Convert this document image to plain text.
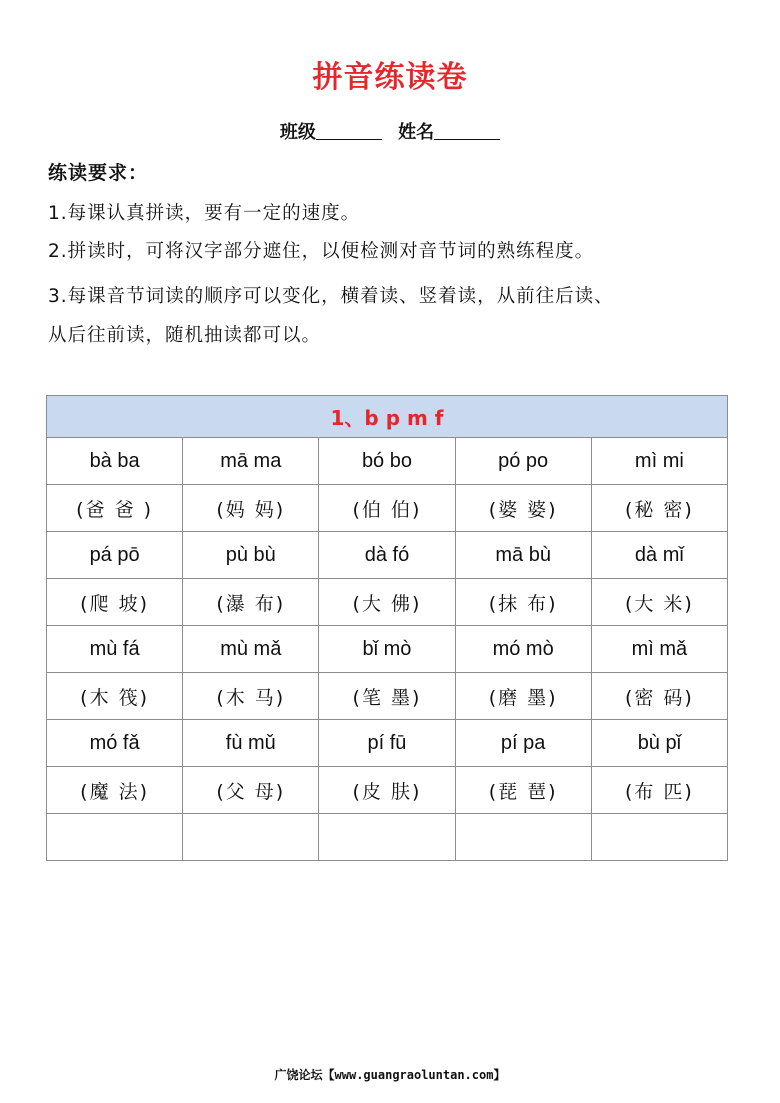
拼音练读卷
班级	姓名
练读要求：
1.每课认真拼读，要有一定的速度。
2.拼读时，可将汉字部分遮住，以便检测对音节词的熟练程度。
3.每课音节词读的顺序可以变化，横着读、竖着读，从前往后读、
从后往前读，随机抽读都可以。
1、b p m f				
bà ba	mā ma	bó bo	pó po	mì mi
(爸 爸 )	(妈 妈)	(伯 伯)	(婆 婆)	(秘 密)
pá pō	pù bù	dà fó	mā bù	dà mǐ
(爬 坡)	(瀑 布)	(大 佛)	(抹 布)	(大 米)
mù fá	mù mǎ	bǐ mò	mó mò	mì mǎ
(木 筏)	(木 马)	(笔 墨)	(磨 墨)	(密 码)
mó fǎ	fù mǔ	pí fū	pí pa	bù pǐ
(魔 法)	(父 母)	(皮 肤)	(琵 琶)	(布 匹)

广饶论坛【www.guangraoluntan.com】
